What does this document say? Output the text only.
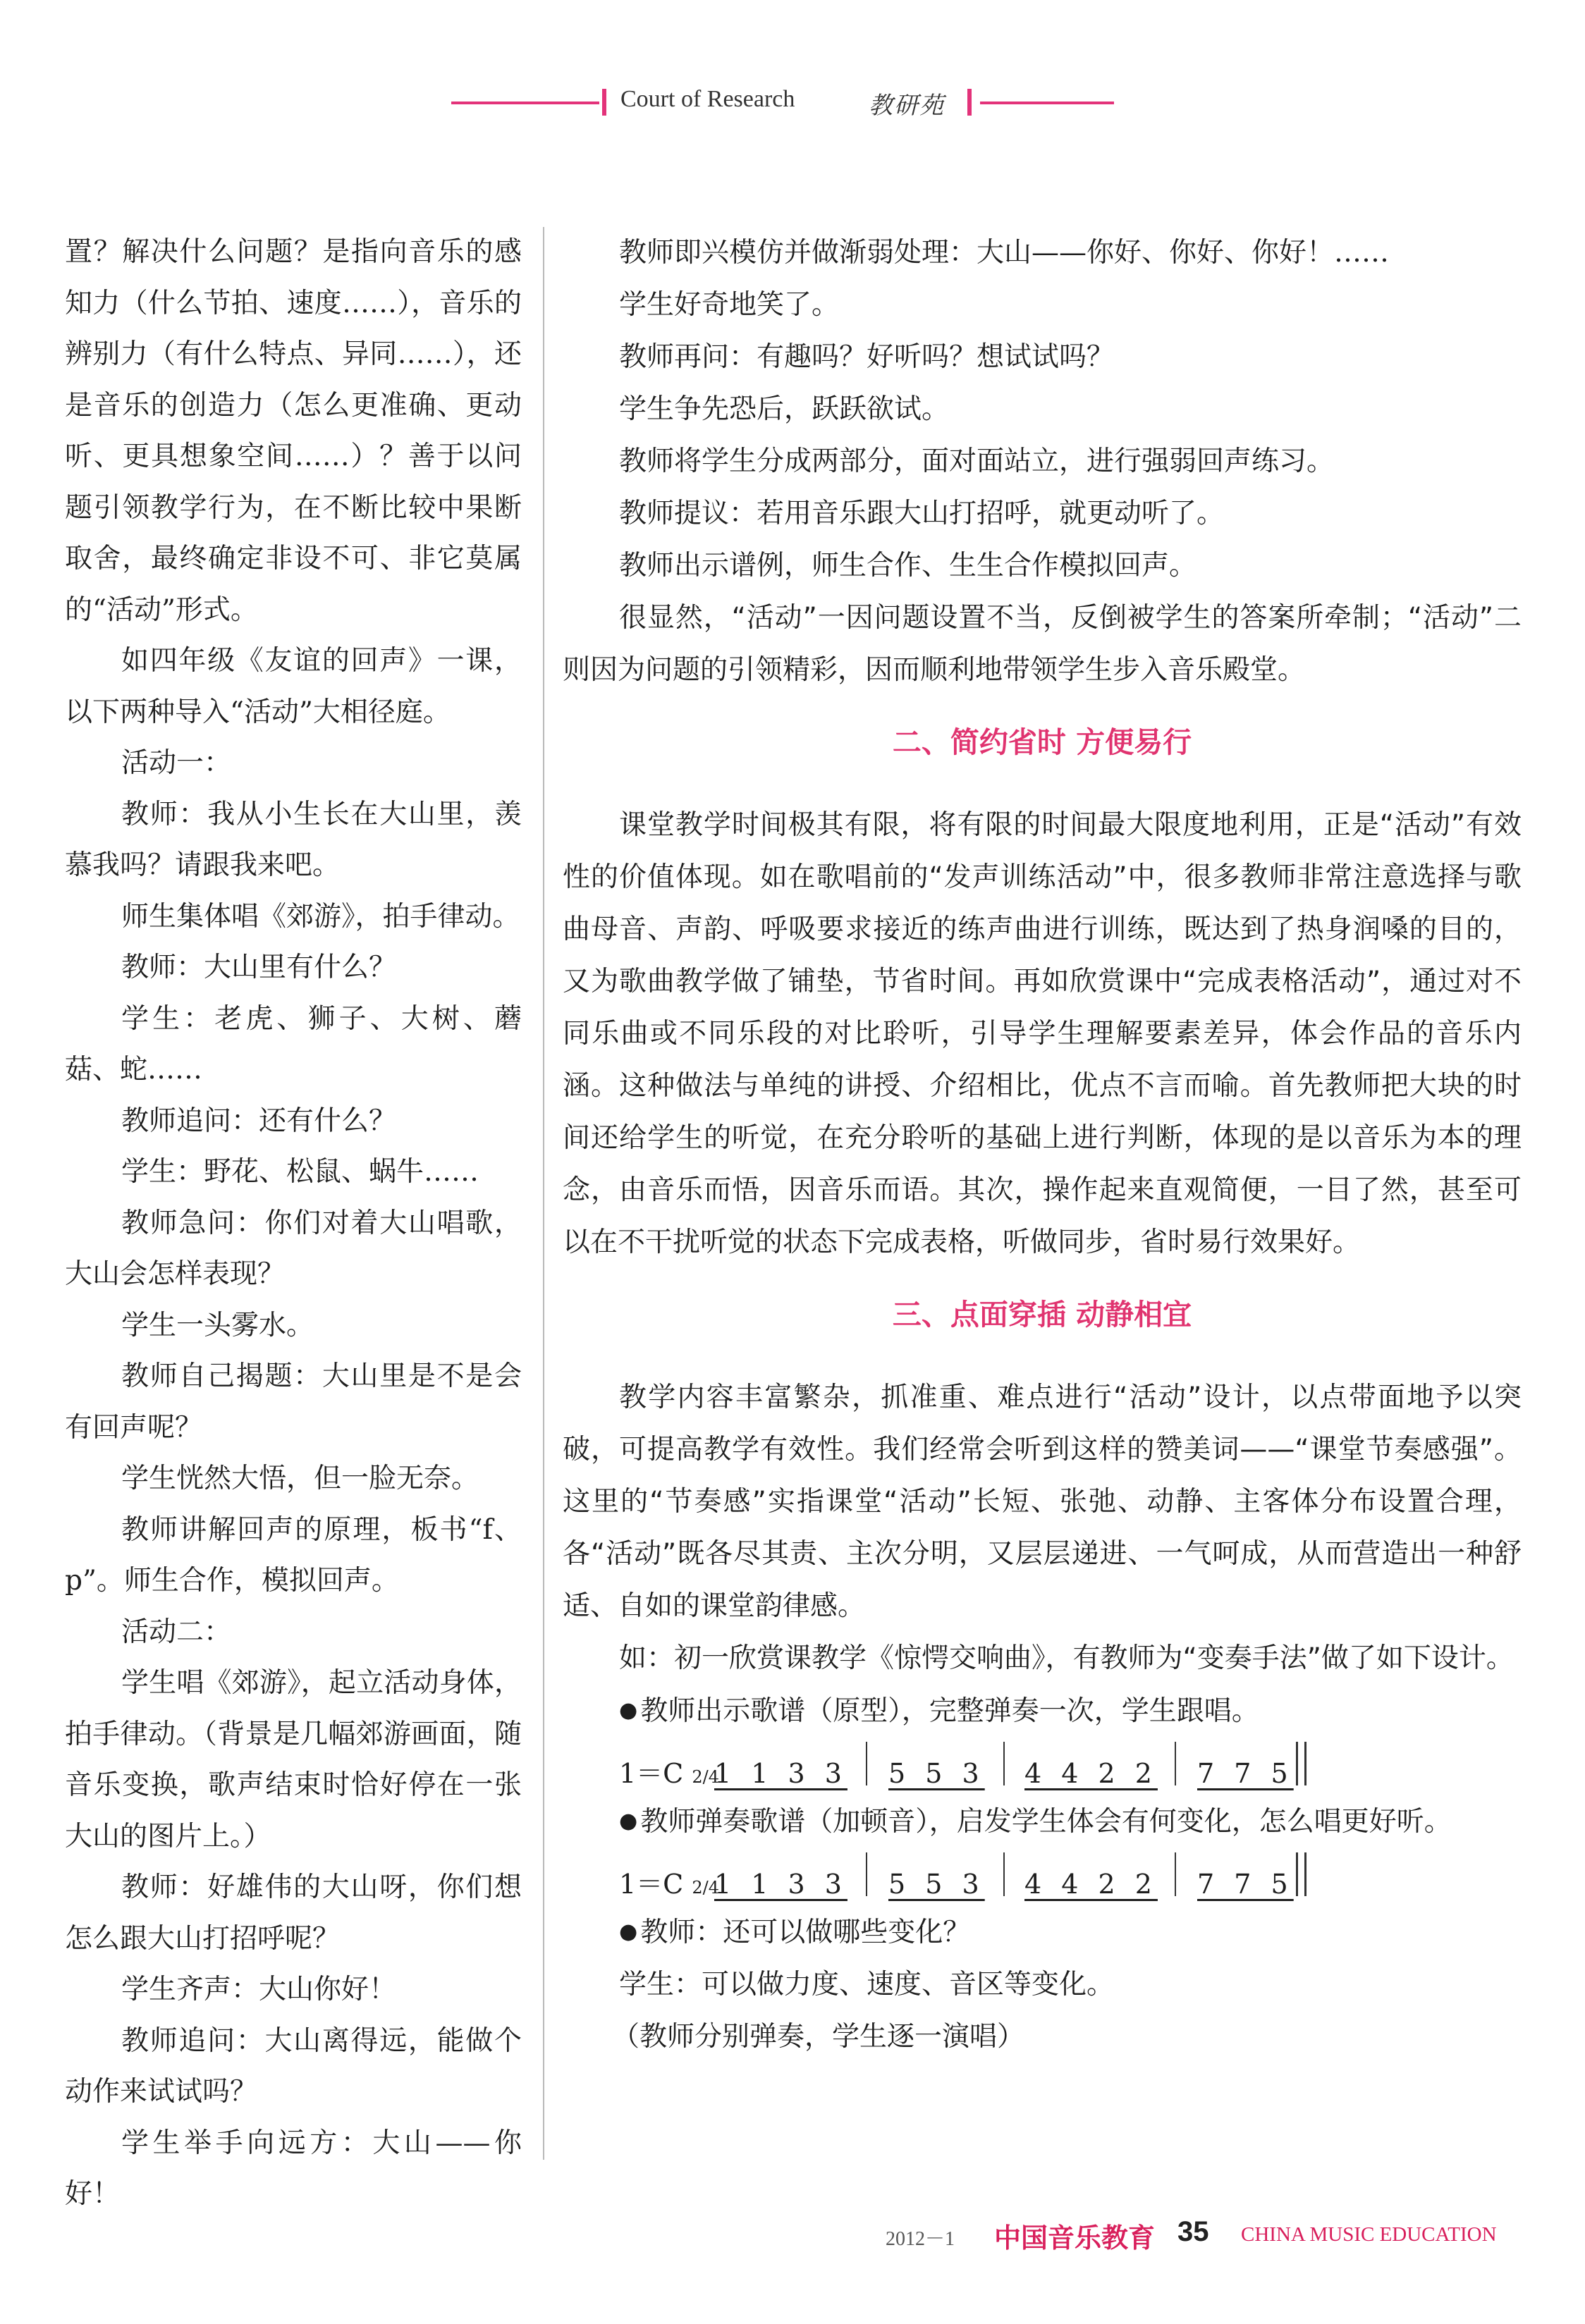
Court of Research	教研苑

置？解决什么问题？是指向音乐的感知力（什么节拍、速度……），音乐的辨别力（有什么特点、异同……），还是音乐的创造力（怎么更准确、更动听、更具想象空间……）？善于以问题引领教学行为，在不断比较中果断取舍，最终确定非设不可、非它莫属的“活动”形式。

如四年级《友谊的回声》一课，以下两种导入“活动”大相径庭。

活动一：

教师：我从小生长在大山里，羡慕我吗？请跟我来吧。

师生集体唱《郊游》，拍手律动。

教师：大山里有什么？

学生：老虎、狮子、大树、蘑菇、蛇……

教师追问：还有什么？

学生：野花、松鼠、蜗牛……

教师急问：你们对着大山唱歌，大山会怎样表现？

学生一头雾水。

教师自己揭题：大山里是不是会有回声呢？

学生恍然大悟，但一脸无奈。

教师讲解回声的原理，板书“f、p”。师生合作，模拟回声。

活动二：

学生唱《郊游》，起立活动身体，拍手律动。（背景是几幅郊游画面，随音乐变换，歌声结束时恰好停在一张大山的图片上。）

教师：好雄伟的大山呀，你们想怎么跟大山打招呼呢？

学生齐声：大山你好！

教师追问：大山离得远，能做个动作来试试吗？

学生举手向远方：大山——你好！

教师即兴模仿并做渐弱处理：大山——你好、你好、你好！……

学生好奇地笑了。

教师再问：有趣吗？好听吗？想试试吗？

学生争先恐后，跃跃欲试。

教师将学生分成两部分，面对面站立，进行强弱回声练习。

教师提议：若用音乐跟大山打招呼，就更动听了。

教师出示谱例，师生合作、生生合作模拟回声。

很显然，“活动”一因问题设置不当，反倒被学生的答案所牵制；“活动”二则因为问题的引领精彩，因而顺利地带领学生步入音乐殿堂。

二、简约省时 方便易行

课堂教学时间极其有限，将有限的时间最大限度地利用，正是“活动”有效性的价值体现。如在歌唱前的“发声训练活动”中，很多教师非常注意选择与歌曲母音、声韵、呼吸要求接近的练声曲进行训练，既达到了热身润嗓的目的，又为歌曲教学做了铺垫，节省时间。再如欣赏课中“完成表格活动”，通过对不同乐曲或不同乐段的对比聆听，引导学生理解要素差异，体会作品的音乐内涵。这种做法与单纯的讲授、介绍相比，优点不言而喻。首先教师把大块的时间还给学生的听觉，在充分聆听的基础上进行判断，体现的是以音乐为本的理念，由音乐而悟，因音乐而语。其次，操作起来直观简便，一目了然，甚至可以在不干扰听觉的状态下完成表格，听做同步，省时易行效果好。

三、点面穿插 动静相宜

教学内容丰富繁杂，抓准重、难点进行“活动”设计，以点带面地予以突破，可提高教学有效性。我们经常会听到这样的赞美词——“课堂节奏感强”。这里的“节奏感”实指课堂“活动”长短、张弛、动静、主客体分布设置合理，各“活动”既各尽其责、主次分明，又层层递进、一气呵成，从而营造出一种舒适、自如的课堂韵律感。

如：初一欣赏课教学《惊愕交响曲》，有教师为“变奏手法”做了如下设计。

● 教师出示歌谱（原型），完整弹奏一次，学生跟唱。

1＝C 2/4
1 1 3 3 5 5 3 4 4 2 2 7 7 5

● 教师弹奏歌谱（加顿音），启发学生体会有何变化，怎么唱更好听。

1＝C 2/4
1 1 3 3 5 5 3 4 4 2 2 7 7 5

● 教师：还可以做哪些变化？

学生：可以做力度、速度、音区等变化。

（教师分别弹奏，学生逐一演唱）

2012－1 中国音乐教育 35 CHINA MUSIC EDUCATION
